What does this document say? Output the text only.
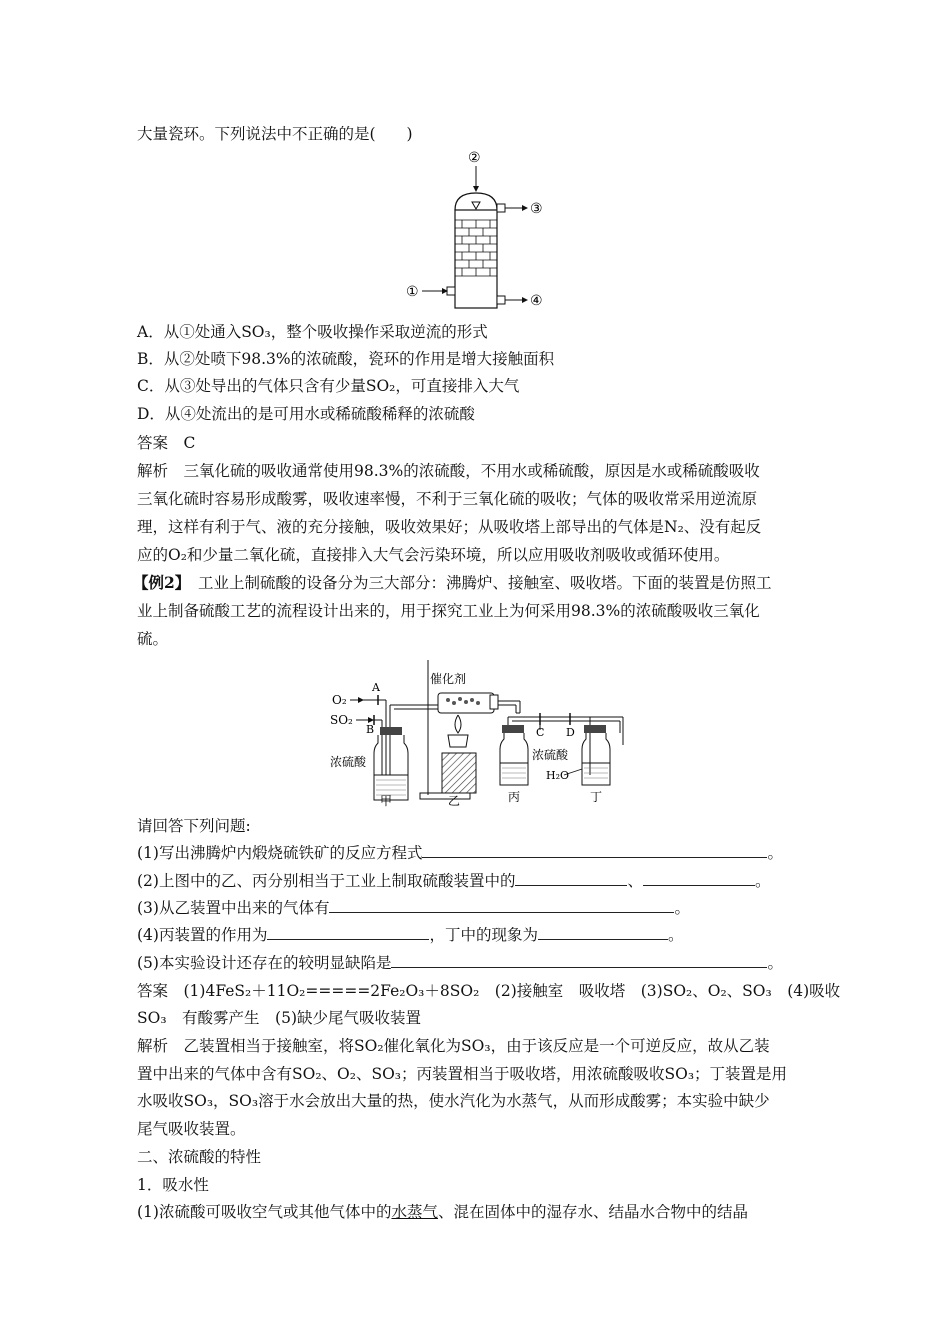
大量瓷环。下列说法中不正确的是(　　)
②
③
①
④
A．从①处通入SO₃，整个吸收操作采取逆流的形式
B．从②处喷下98.3%的浓硫酸，瓷环的作用是增大接触面积
C．从③处导出的气体只含有少量SO₂，可直接排入大气
D．从④处流出的是可用水或稀硫酸稀释的浓硫酸
答案　C
解析　三氧化硫的吸收通常使用98.3%的浓硫酸，不用水或稀硫酸，原因是水或稀硫酸吸收
三氧化硫时容易形成酸雾，吸收速率慢，不利于三氧化硫的吸收；气体的吸收常采用逆流原
理，这样有利于气、液的充分接触，吸收效果好；从吸收塔上部导出的气体是N₂、没有起反
应的O₂和少量二氧化硫，直接排入大气会污染环境，所以应用吸收剂吸收或循环使用。
【例2】　工业上制硫酸的设备分为三大部分：沸腾炉、接触室、吸收塔。下面的装置是仿照工
业上制备硫酸工艺的流程设计出来的，用于探究工业上为何采用98.3%的浓硫酸吸收三氧化
硫。
O₂
SO₂
A
B
浓硫酸
甲
催化剂
乙
C D
浓硫酸
丙
H₂O
丁
请回答下列问题:
(1)写出沸腾炉内煅烧硫铁矿的反应方程式	。
(2)上图中的乙、丙分别相当于工业上制取硫酸装置中的	、	。
(3)从乙装置中出来的气体有	。
(4)丙装置的作用为	，丁中的现象为	。
(5)本实验设计还存在的较明显缺陷是	。
答案　(1)4FeS₂＋11O₂=====2Fe₂O₃＋8SO₂　(2)接触室　吸收塔　(3)SO₂、O₂、SO₃　(4)吸收
SO₃　有酸雾产生　(5)缺少尾气吸收装置
解析　乙装置相当于接触室，将SO₂催化氧化为SO₃，由于该反应是一个可逆反应，故从乙装
置中出来的气体中含有SO₂、O₂、SO₃；丙装置相当于吸收塔，用浓硫酸吸收SO₃；丁装置是用
水吸收SO₃，SO₃溶于水会放出大量的热，使水汽化为水蒸气，从而形成酸雾；本实验中缺少
尾气吸收装置。
二、浓硫酸的特性
1．吸水性
(1)浓硫酸可吸收空气或其他气体中的水蒸气、混在固体中的湿存水、结晶水合物中的结晶
